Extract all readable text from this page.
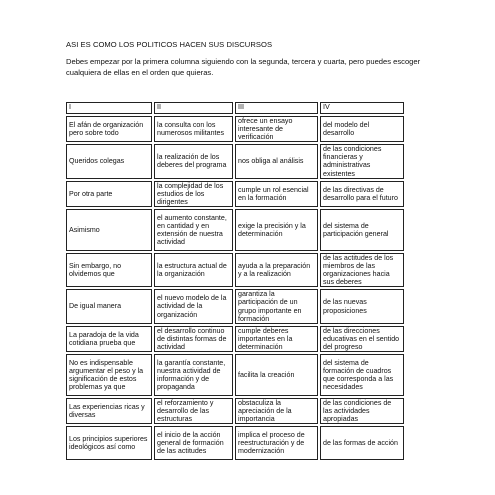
ASI ES COMO LOS POLITICOS HACEN SUS DISCURSOS
Debes empezar por la primera columna siguiendo con la segunda, tercera y cuarta, pero puedes escoger cualquiera de ellas en el orden que quieras.
I	II	III	IV
El afán de organización pero sobre todo	la consulta con los numerosos militantes	ofrece un ensayo interesante de verificación	del modelo del desarrollo
Queridos colegas	la realización de los deberes del programa	nos obliga al análisis	de las condiciones financieras y administrativas existentes
Por otra parte	la complejidad de los estudios de los dirigentes	cumple un rol esencial en la formación	de las directivas de desarrollo para el futuro
Asimismo	el aumento constante, en cantidad y en extensión de nuestra actividad	exige la precisión y la determinación	del sistema de participación general
Sin embargo, no olvidemos que	la estructura actual de la organización	ayuda a la preparación y a la realización	de las actitudes de los miembros de las organizaciones hacia sus deberes
De igual manera	el nuevo modelo de la actividad de la organización	garantiza la participación de un grupo importante en formación	de las nuevas proposiciones
La paradoja de la vida cotidiana prueba que	el desarrollo continuo de distintas formas de actividad	cumple deberes importantes en la determinación	de las direcciones educativas en el sentido del progreso
No es indispensable argumentar el peso y la significación de estos problemas ya que	la garantía constante, nuestra actividad de información y de propaganda	facilita la creación	del sistema de formación de cuadros que corresponda a las necesidades
Las experiencias ricas y diversas	el reforzamiento y desarrollo de las estructuras	obstaculiza la apreciación de la importancia	de las condiciones de las actividades apropiadas
Los principios superiores ideológicos así como	el inicio de la acción general de formación de las actitudes	implica el proceso de reestructuración y de modernización	de las formas de acción
